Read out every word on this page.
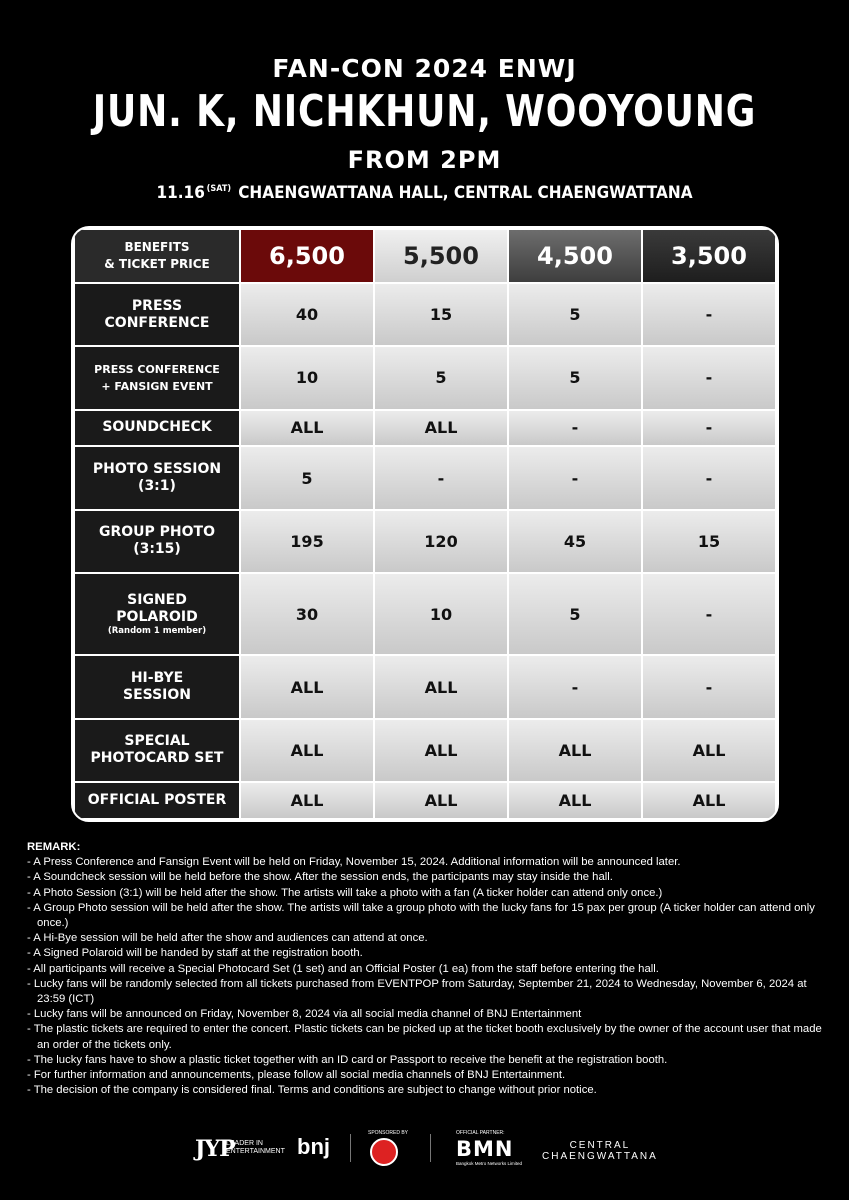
FAN-CON 2024 ENWJ
JUN. K, NICHKHUN, WOOYOUNG
FROM 2PM
11.16 $^{(SAT)}$ CHAENGWATTANA HALL, CENTRAL CHAENGWATTANA
BENEFITS
& TICKET PRICE	6,500	5,500	4,500	3,500
PRESS
CONFERENCE	40	15	5	-
PRESS CONFERENCE
+ FANSIGN EVENT	10	5	5	-
SOUNDCHECK	ALL	ALL	-	-
PHOTO SESSION
(3:1)	5	-	-	-
GROUP PHOTO
(3:15)	195	120	45	15
SIGNED
POLAROID
(Random 1 member)	30	10	5	-
HI-BYE
SESSION	ALL	ALL	-	-
SPECIAL
PHOTOCARD SET	ALL	ALL	ALL	ALL
OFFICIAL POSTER	ALL	ALL	ALL	ALL
REMARK:
- A Press Conference and Fansign Event will be held on Friday, November 15, 2024. Additional information will be announced later.
- A Soundcheck session will be held before the show. After the session ends, the participants may stay inside the hall.
- A Photo Session (3:1) will be held after the show. The artists will take a photo with a fan (A ticker holder can attend only once.)
- A Group Photo session will be held after the show. The artists will take a group photo with the lucky fans for 15 pax per group (A ticker holder can attend only once.)
- A Hi-Bye session will be held after the show and audiences can attend at once.
- A Signed Polaroid will be handed by staff at the registration booth.
- All participants will receive a Special Photocard Set (1 set) and an Official Poster (1 ea) from the staff before entering the hall.
- Lucky fans will be randomly selected from all tickets purchased from EVENTPOP from Saturday, September 21, 2024 to Wednesday, November 6, 2024 at 23:59 (ICT)
- Lucky fans will be announced on Friday, November 8, 2024 via all social media channel of BNJ Entertainment
- The plastic tickets are required to enter the concert. Plastic tickets can be picked up at the ticket booth exclusively by the owner of the account user that made an order of the tickets only.
- The lucky fans have to show a plastic ticket together with an ID card or Passport to receive the benefit at the registration booth.
- For further information and announcements, please follow all social media channels of BNJ Entertainment.
- The decision of the company is considered final. Terms and conditions are subject to change without prior notice.
JYP
LEADER IN
ENTERTAINMENT bnj
SPONSORED BY	OFFICIAL PARTNER:
BMN
Bangkok Metro Networks Limited
CENTRAL
CHAENGWATTANA
